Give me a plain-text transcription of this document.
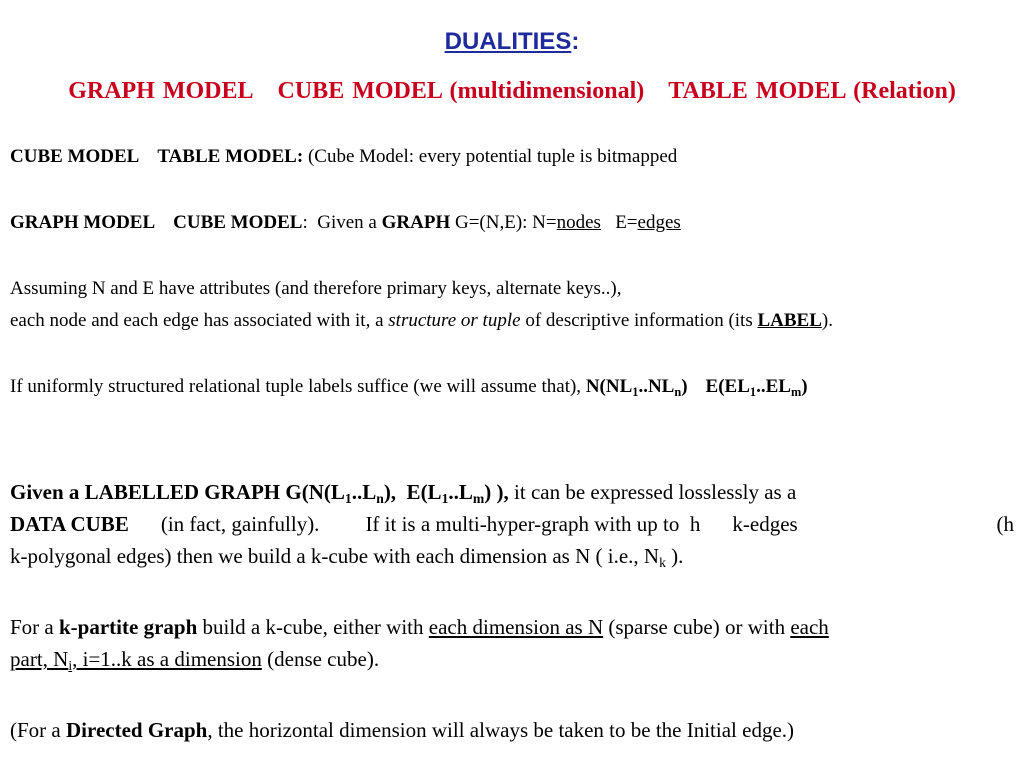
DUALITIES:
GRAPH MODEL CUBE MODEL (multidimensional) TABLE MODEL (Relation)
CUBE MODEL TABLE MODEL: (Cube Model: every potential tuple is bitmapped
GRAPH MODEL CUBE MODEL:  Given a GRAPH G=(N,E): N=nodes   E=edges
Assuming N and E have attributes (and therefore primary keys, alternate keys..),
each node and each edge has associated with it, a structure or tuple of descriptive information (its LABEL).
If uniformly structured relational tuple labels suffice (we will assume that), $N(NL_1..NL_n)$ $E(EL_1..EL_m)$
Given a LABELLED GRAPH $G(N(L_1..L_n)$,  $E(L_1..L_m)$ ), it can be expressed losslessly as a
DATA CUBE (in fact, gainfully). If it is a multi-hyper-graph with up to  h k-edges	(h
k-polygonal edges) then we build a k-cube with each dimension as N ( i.e., $N_k$ ).
For a k-partite graph build a k-cube, either with each dimension as N (sparse cube) or with each
part, $N_i$, i=1..k as a dimension (dense cube).
(For a Directed Graph, the horizontal dimension will always be taken to be the Initial edge.)
